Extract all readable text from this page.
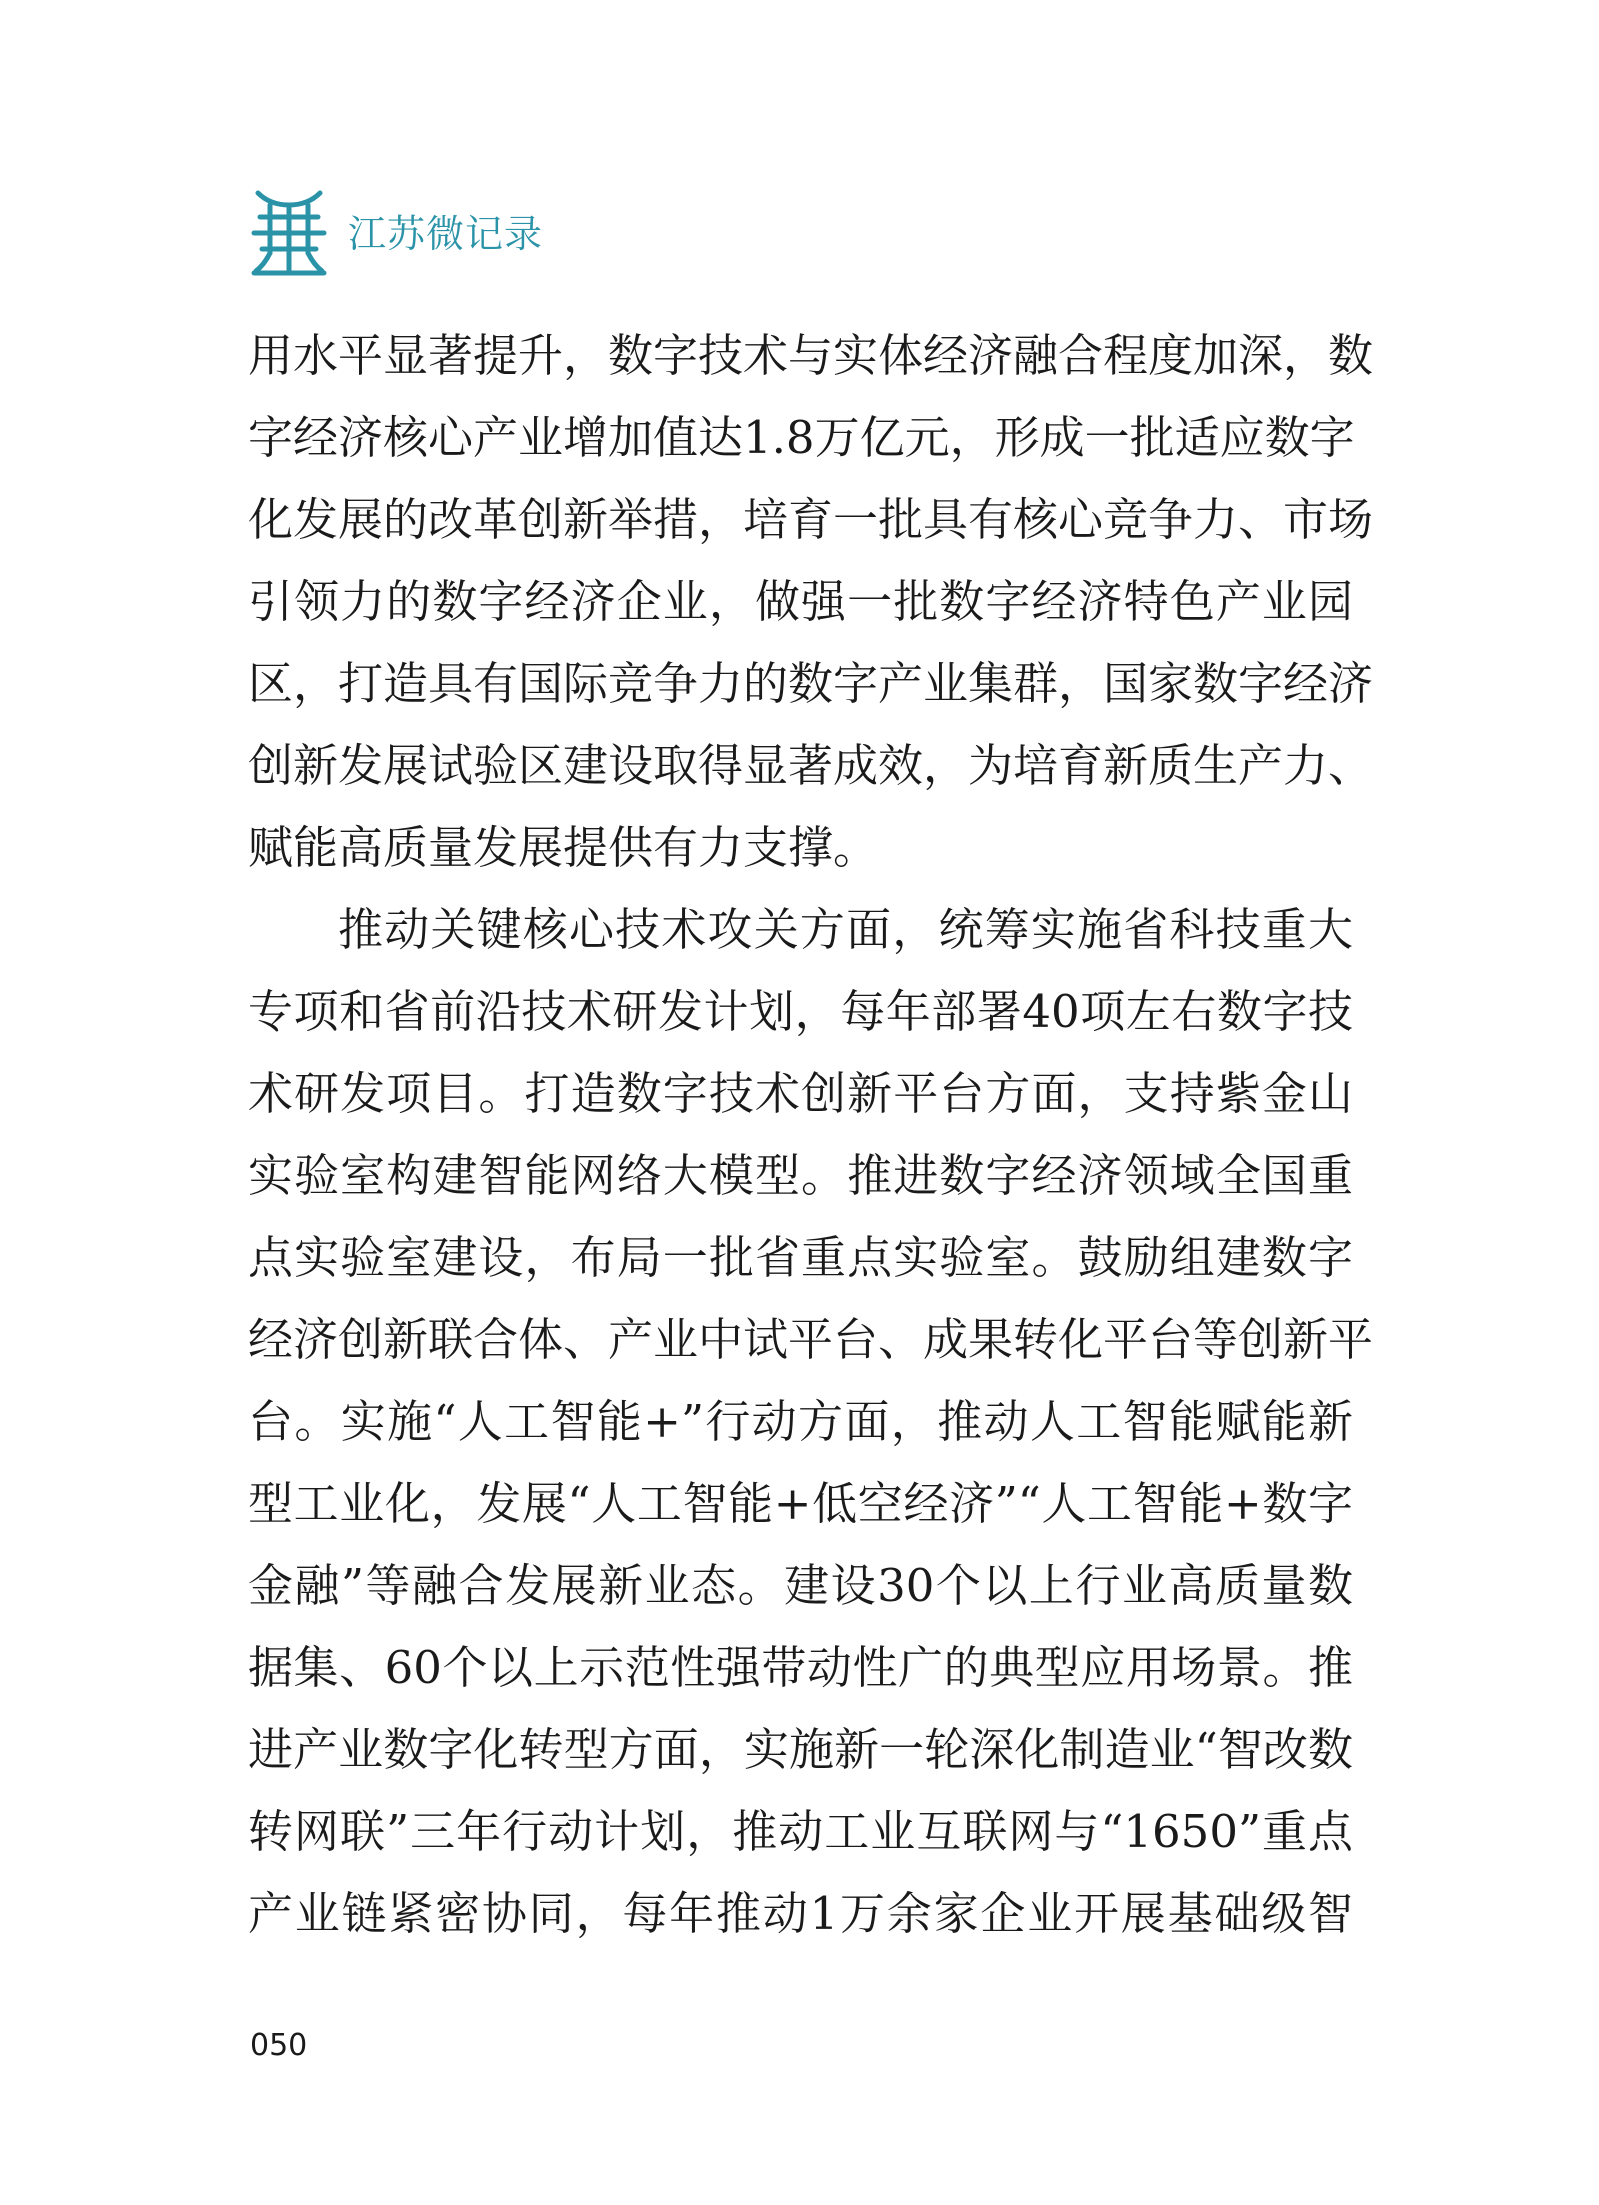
江苏微记录
用水平显著提升，数字技术与实体经济融合程度加深，数
字经济核心产业增加值达1.8万亿元，形成一批适应数字
化发展的改革创新举措，培育一批具有核心竞争力、市场
引领力的数字经济企业，做强一批数字经济特色产业园
区，打造具有国际竞争力的数字产业集群，国家数字经济
创新发展试验区建设取得显著成效，为培育新质生产力、
赋能高质量发展提供有力支撑。
推动关键核心技术攻关方面，统筹实施省科技重大
专项和省前沿技术研发计划，每年部署40项左右数字技
术研发项目。打造数字技术创新平台方面，支持紫金山
实验室构建智能网络大模型。推进数字经济领域全国重
点实验室建设，布局一批省重点实验室。鼓励组建数字
经济创新联合体、产业中试平台、成果转化平台等创新平
台。实施“人工智能+”行动方面，推动人工智能赋能新
型工业化，发展“人工智能+低空经济”“人工智能+数字
金融”等融合发展新业态。建设30个以上行业高质量数
据集、60个以上示范性强带动性广的典型应用场景。推
进产业数字化转型方面，实施新一轮深化制造业“智改数
转网联”三年行动计划，推动工业互联网与“1650”重点
产业链紧密协同，每年推动1万余家企业开展基础级智
050
